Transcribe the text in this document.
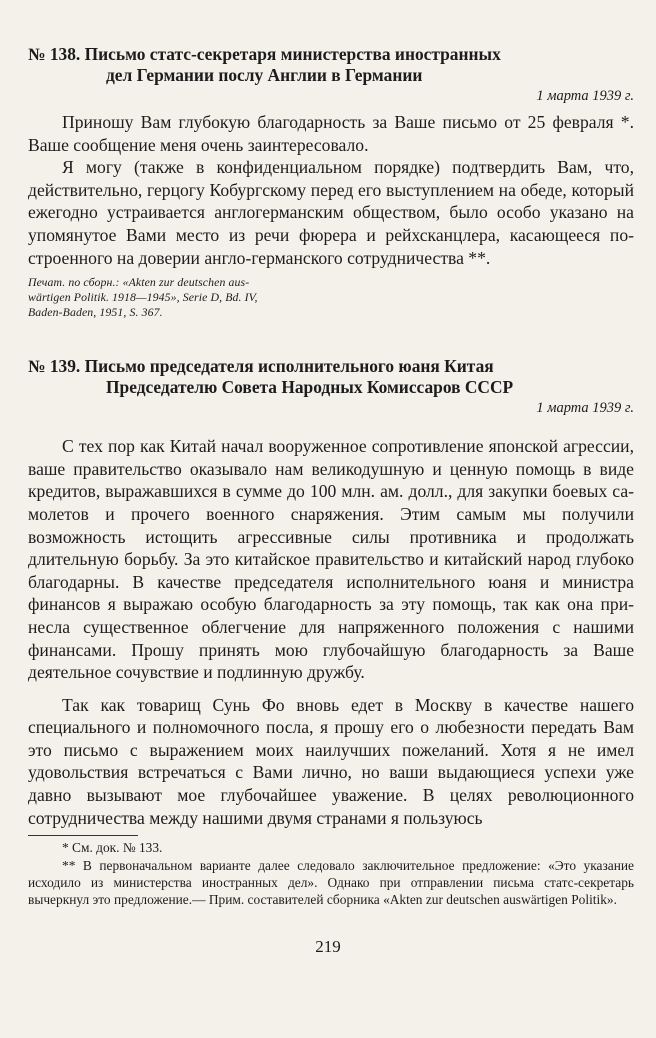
№ 138. Письмо статс-секретаря министерства иностранных
дел Германии послу Англии в Германии
1 марта 1939 г.

Приношу Вам глубокую благодарность за Ваше письмо от 25 февраля *. Ваше сообщение меня очень заинтересовало.

Я могу (также в конфиденциальном порядке) подтвердить Вам, что, действительно, герцогу Кобургскому перед его выступлением на обеде, который ежегодно устраивается англогерманским обществом, было особо указано на упомянутое Вами место из речи фюрера и рейхсканцлера, касающееся построенного на доверии англо-германского сотрудничества **.

Печат. по сборн.: «Akten zur deutschen aus-
wärtigen Politik. 1918—1945», Serie D, Bd. IV,
Baden-Baden, 1951, S. 367.
№ 139. Письмо председателя исполнительного юаня Китая
Председателю Совета Народных Комиссаров СССР
1 марта 1939 г.

С тех пор как Китай начал вооруженное сопротивление японской агрессии, ваше правительство оказывало нам великодушную и ценную помощь в виде кредитов, выражавшихся в сумме до 100 млн. ам. долл., для закупки боевых самолетов и прочего военного снаряжения. Этим самым мы получили возможность истощить агрессивные силы противника и продолжать длительную борьбу. За это китайское правительство и китайский народ глубоко благодарны. В качестве председателя исполнительного юаня и министра финансов я выражаю особую благодарность за эту помощь, так как она принесла существенное облегчение для напряженного положения с нашими финансами. Прошу принять мою глубочайшую благодарность за Ваше деятельное сочувствие и подлинную дружбу.

Так как товарищ Сунь Фо вновь едет в Москву в качестве нашего специального и полномочного посла, я прошу его о любезности передать Вам это письмо с выражением моих наилучших пожеланий. Хотя я не имел удовольствия встречаться с Вами лично, но ваши выдающиеся успехи уже давно вызывают мое глубочайшее уважение. В целях революционного сотрудничества между нашими двумя странами я пользуюсь

* См. док. № 133.

** В первоначальном варианте далее следовало заключительное предложение: «Это указание исходило из министерства иностранных дел». Однако при отправлении письма статс-секретарь вычеркнул это предложение.— Прим. составителей сборника «Akten zur deutschen auswärtigen Politik».

219
